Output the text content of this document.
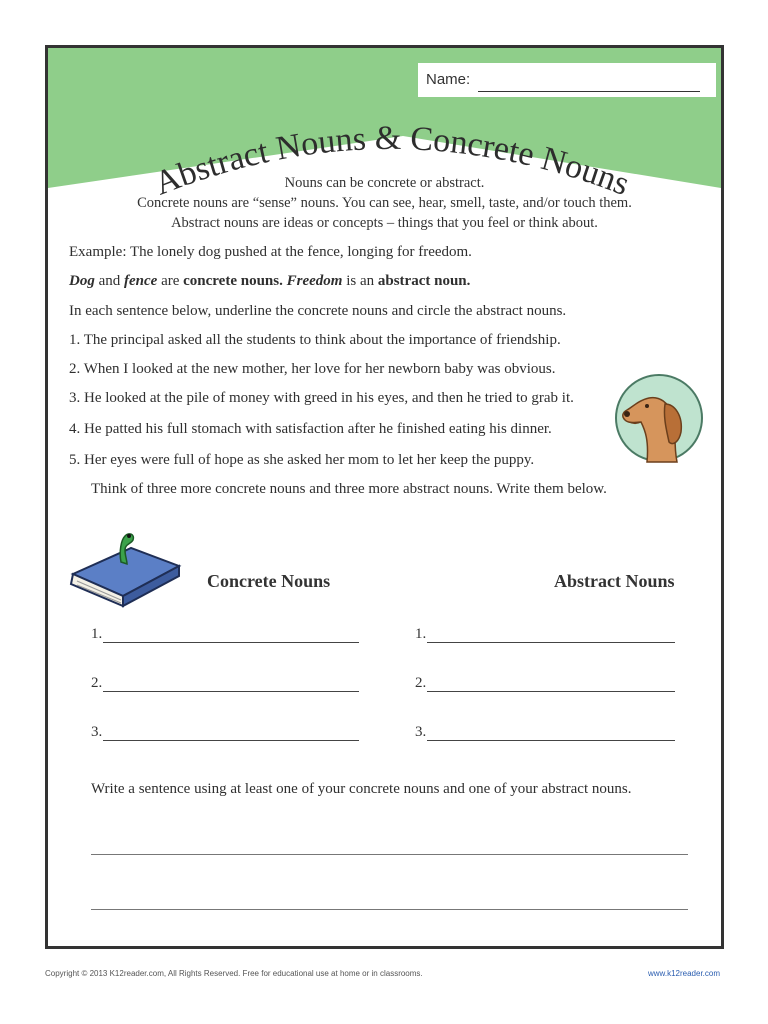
Name:
Abstract Nouns & Concrete Nouns
Nouns can be concrete or abstract.
Concrete nouns are “sense” nouns. You can see, hear, smell, taste, and/or touch them.
Abstract nouns are ideas or concepts – things that you feel or think about.
Example: The lonely dog pushed at the fence, longing for freedom.
Dog and fence are concrete nouns. Freedom is an abstract noun.
In each sentence below, underline the concrete nouns and circle the abstract nouns.
1. The principal asked all the students to think about the importance of friendship.
2. When I looked at the new mother, her love for her newborn baby was obvious.
3. He looked at the pile of money with greed in his eyes, and then he tried to grab it.
4. He patted his full stomach with satisfaction after he finished eating his dinner.
5. Her eyes were full of hope as she asked her mom to let her keep the puppy.
Think of three more concrete nouns and three more abstract nouns. Write them below.
Concrete Nouns	Abstract Nouns
1.
2.
3.
1.
2.
3.
Write a sentence using at least one of your concrete nouns and one of your abstract nouns.
Copyright © 2013 K12reader.com, All Rights Reserved. Free for educational use at home or in classrooms.	www.k12reader.com
